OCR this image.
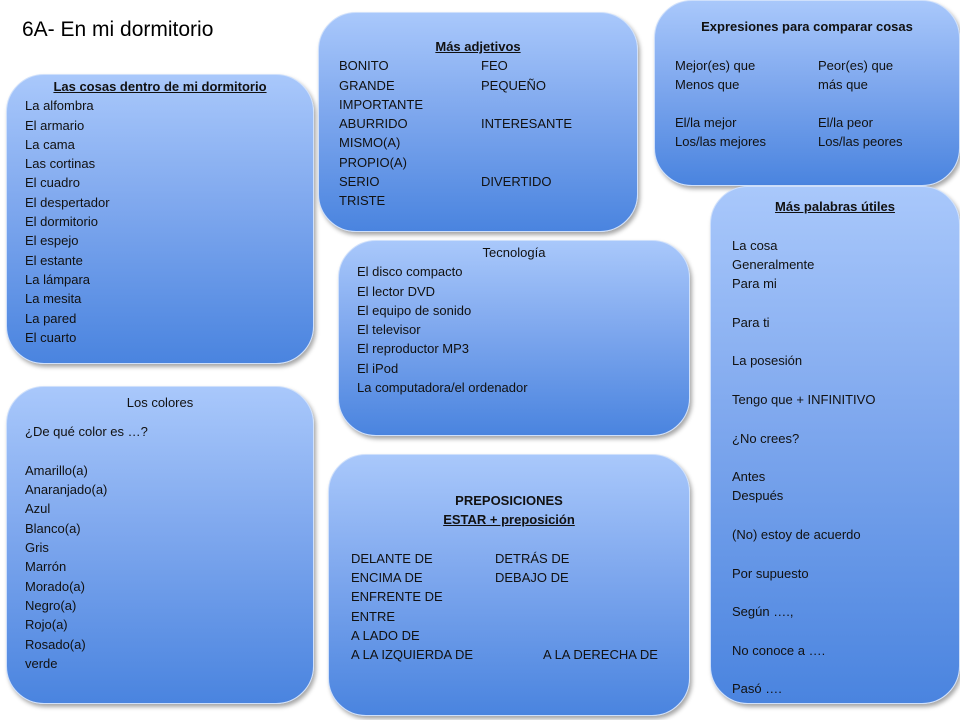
6A- En mi dormitorio
Las cosas dentro de mi dormitorio
La alfombra
El armario
La cama
Las cortinas
El cuadro
El despertador
El dormitorio
El espejo
El estante
La lámpara
La mesita
La pared
El cuarto
Más adjetivos
BONITO	FEO
GRANDE	PEQUEÑO
IMPORTANTE
ABURRIDO	INTERESANTE
MISMO(A)
PROPIO(A)
SERIO	DIVERTIDO
TRISTE
Expresiones para comparar cosas
Mejor(es) que	Peor(es) que
Menos que	más que
El/la mejor	El/la peor
Los/las mejores	Los/las peores
Tecnología
El disco compacto
El lector DVD
El equipo de sonido
El televisor
El reproductor MP3
El iPod
La computadora/el ordenador
Los colores
¿De qué color es …?
Amarillo(a)
Anaranjado(a)
Azul
Blanco(a)
Gris
Marrón
Morado(a)
Negro(a)
Rojo(a)
Rosado(a)
verde
PREPOSICIONES
ESTAR + preposición
DELANTE DE	DETRÁS DE
ENCIMA DE	DEBAJO DE
ENFRENTE DE
ENTRE
A LADO DE
A LA IZQUIERDA DE	A LA DERECHA DE
Más palabras útiles
La cosa
Generalmente
Para mi
Para ti
La posesión
Tengo que + INFINITIVO
¿No crees?
Antes
Después
(No) estoy de acuerdo
Por supuesto
Según ….,
No conoce a ….
Pasó ….
